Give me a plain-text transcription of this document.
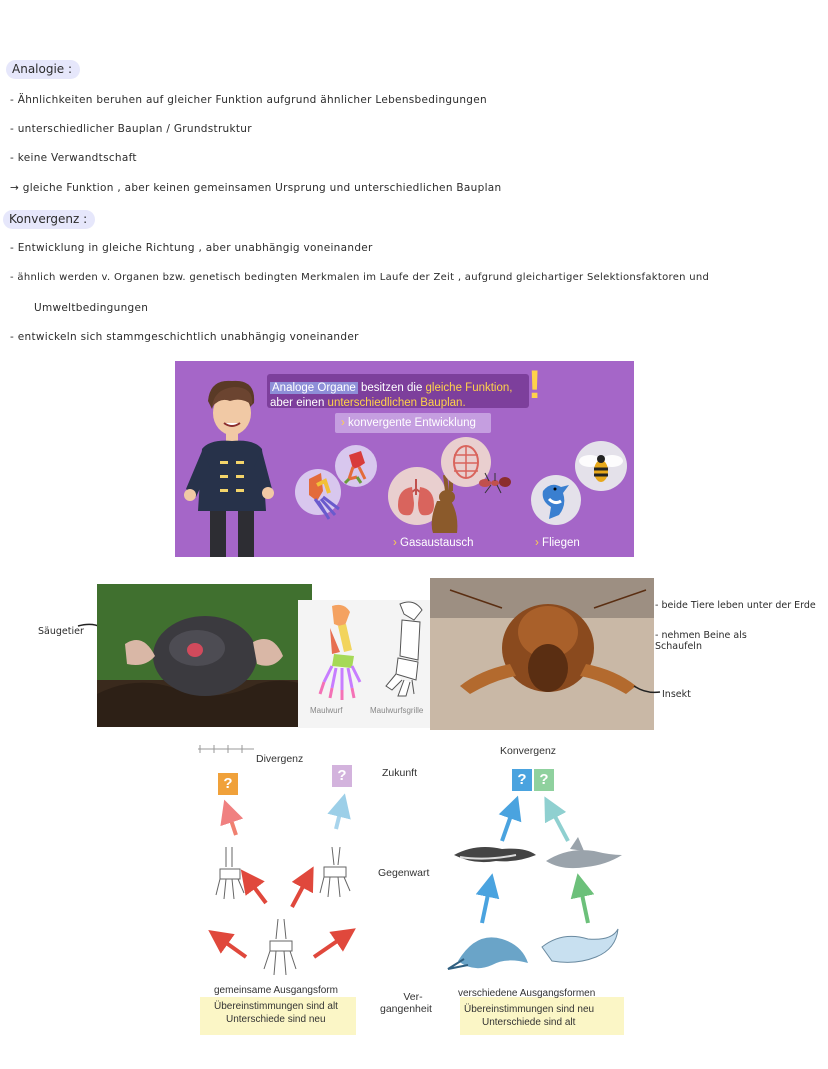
Analogie :
- Ähnlichkeiten beruhen auf gleicher Funktion aufgrund ähnlicher Lebensbedingungen
- unterschiedlicher Bauplan / Grundstruktur
- keine Verwandtschaft
→ gleiche Funktion , aber keinen gemeinsamen Ursprung und unterschiedlichen Bauplan
Konvergenz :
- Entwicklung in gleiche Richtung , aber unabhängig voneinander
- ähnlich werden v. Organen bzw. genetisch bedingten Merkmalen im Laufe der Zeit , aufgrund gleichartiger Selektionsfaktoren und
Umweltbedingungen
- entwickeln sich stammgeschichtlich unabhängig voneinander
Analoge Organe besitzen die gleiche Funktion,
aber einen unterschiedlichen Bauplan. !
› konvergente Entwicklung
› Gasaustausch	› Fliegen
Säugetier
Maulwurf	Maulwurfsgrille
- beide Tiere leben unter der Erde
- nehmen Beine als Schaufeln
Insekt
Divergenz
Konvergenz
Zukunft
Gegenwart
Ver-
gangenheit
?	?	? ?
gemeinsame Ausgangsform
Übereinstimmungen sind alt
Unterschiede sind neu
verschiedene Ausgangsformen
Übereinstimmungen sind neu
Unterschiede sind alt
